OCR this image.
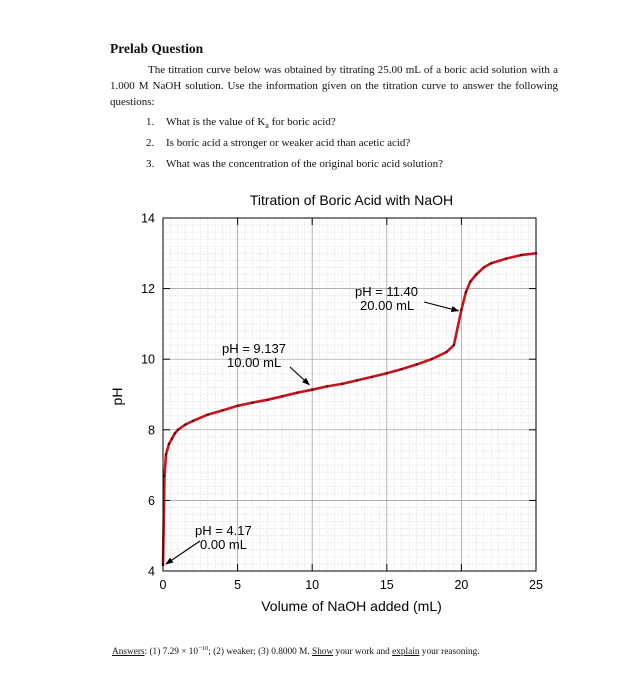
Prelab Question
The titration curve below was obtained by titrating 25.00 mL of a boric acid solution with a 1.000 M NaOH solution. Use the information given on the titration curve to answer the following questions:
1. What is the value of $K_a$ for boric acid?
2. Is boric acid a stronger or weaker acid than acetic acid?
3. What was the concentration of the original boric acid solution?
0	5	10	15	20	25
4
6
8
10
12
14
Titration of Boric Acid with NaOH
Volume of NaOH added (mL)
pH
pH = 4.17
0.00 mL
pH = 9.137
10.00 mL
pH = 11.40
20.00 mL
Answers: (1) $7.29 \times 10^{-10}$; (2) weaker; (3) 0.8000 M. Show your work and explain your reasoning.
